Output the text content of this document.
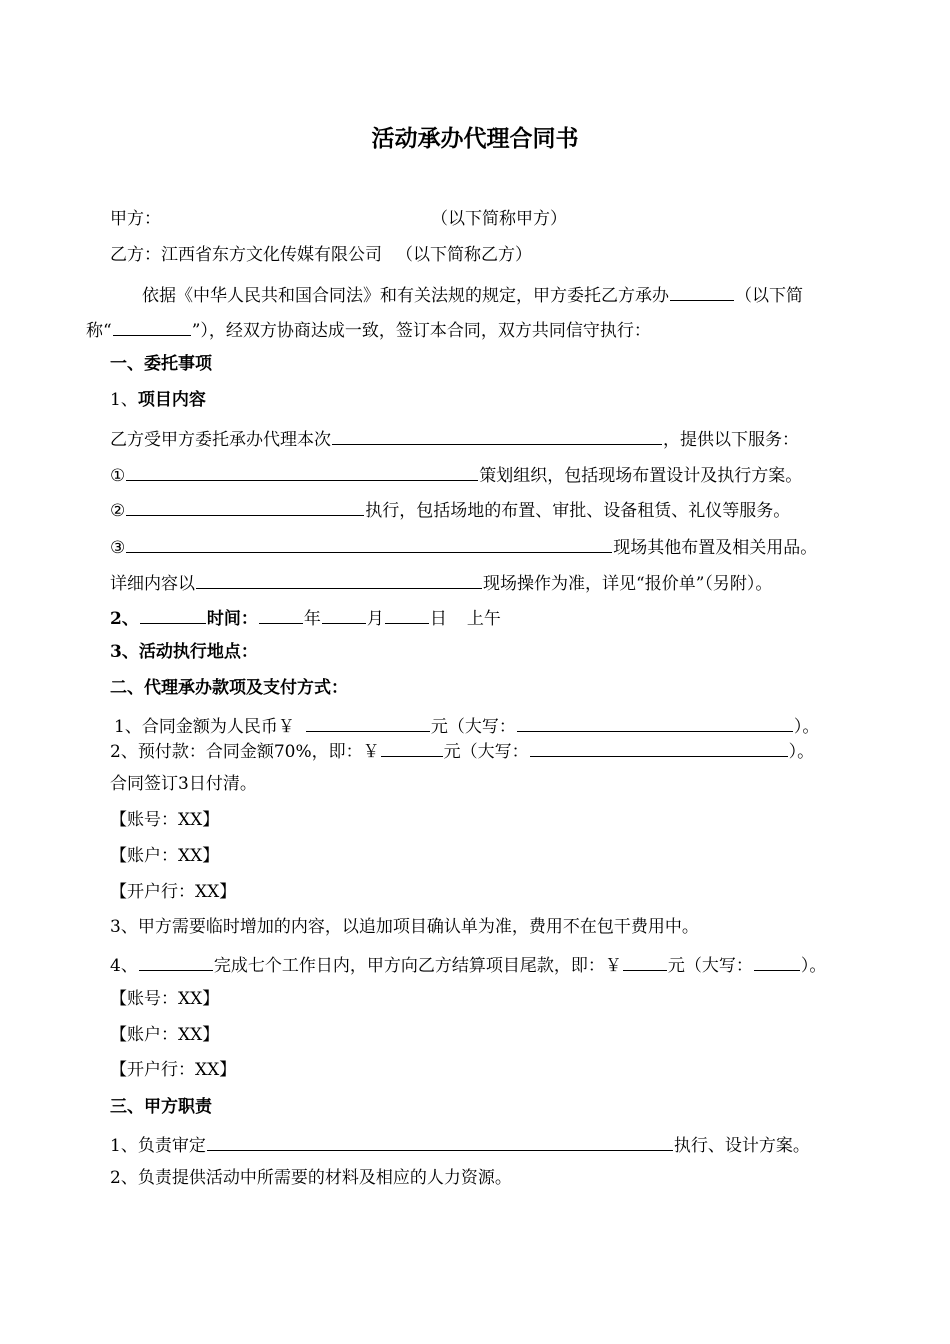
活动承办代理合同书
甲方：	（以下简称甲方）
乙方：江西省东方文化传媒有限公司 （以下简称乙方）
依据《中华人民共和国合同法》和有关法规的规定，甲方委托乙方承办	（以下简
称“	”），经双方协商达成一致，签订本合同，双方共同信守执行：
一、委托事项
1、项目内容
乙方受甲方委托承办代理本次	，提供以下服务：
①	策划组织，包括现场布置设计及执行方案。
②	执行，包括场地的布置、审批、设备租赁、礼仪等服务。
③	现场其他布置及相关用品。
详细内容以	现场操作为准，详见“报价单”（另附）。
2、	时间：	年	月	日 上午
3、活动执行地点：
二、代理承办款项及支付方式：
1、合同金额为人民币￥	元（大写：	）。
2、预付款：合同金额70%，即：￥	元（大写：	）。
合同签订3日付清。
【账号：XX】
【账户：XX】
【开户行：XX】
3、甲方需要临时增加的内容，以追加项目确认单为准，费用不在包干费用中。
4、	完成七个工作日内，甲方向乙方结算项目尾款，即：￥	元（大写：	）。
【账号：XX】
【账户：XX】
【开户行：XX】
三、甲方职责
1、负责审定	执行、设计方案。
2、负责提供活动中所需要的材料及相应的人力资源。
